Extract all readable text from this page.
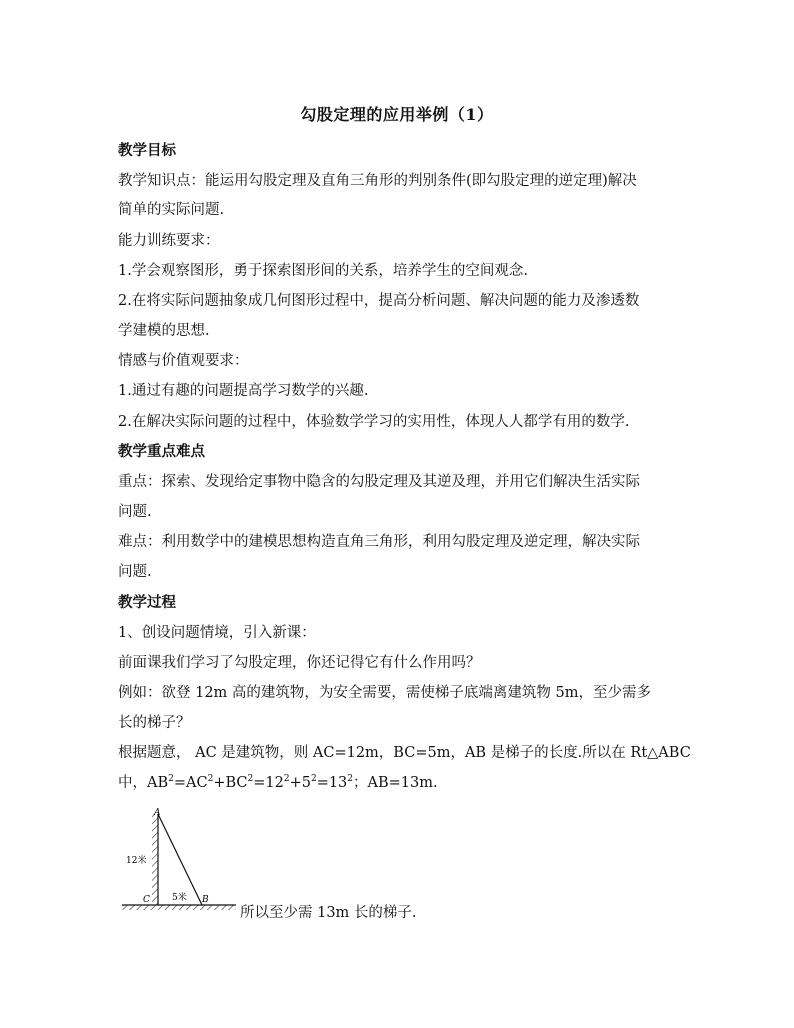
勾股定理的应用举例（1）
教学目标
教学知识点：能运用勾股定理及直角三角形的判别条件(即勾股定理的逆定理)解决
简单的实际问题.
能力训练要求：
1.学会观察图形，勇于探索图形间的关系，培养学生的空间观念.
2.在将实际问题抽象成几何图形过程中，提高分析问题、解决问题的能力及渗透数
学建模的思想.
情感与价值观要求：
1.通过有趣的问题提高学习数学的兴趣.
2.在解决实际问题的过程中，体验数学学习的实用性，体现人人都学有用的数学.
教学重点难点
重点：探索、发现给定事物中隐含的勾股定理及其逆及理，并用它们解决生活实际
问题.
难点：利用数学中的建模思想构造直角三角形，利用勾股定理及逆定理，解决实际
问题.
教学过程
1、创设问题情境，引入新课：
前面课我们学习了勾股定理，你还记得它有什么作用吗？
例如：欲登 12m 高的建筑物，为安全需要，需使梯子底端离建筑物 5m，至少需多
长的梯子？
根据题意， AC 是建筑物，则 AC=12m，BC=5m，AB 是梯子的长度.所以在 Rt△ABC
中，$AB^2=AC^2+BC^2=12^2+5^2=13^2$；AB=13m.
A
B
C
12米
5米
所以至少需 13m 长的梯子.
